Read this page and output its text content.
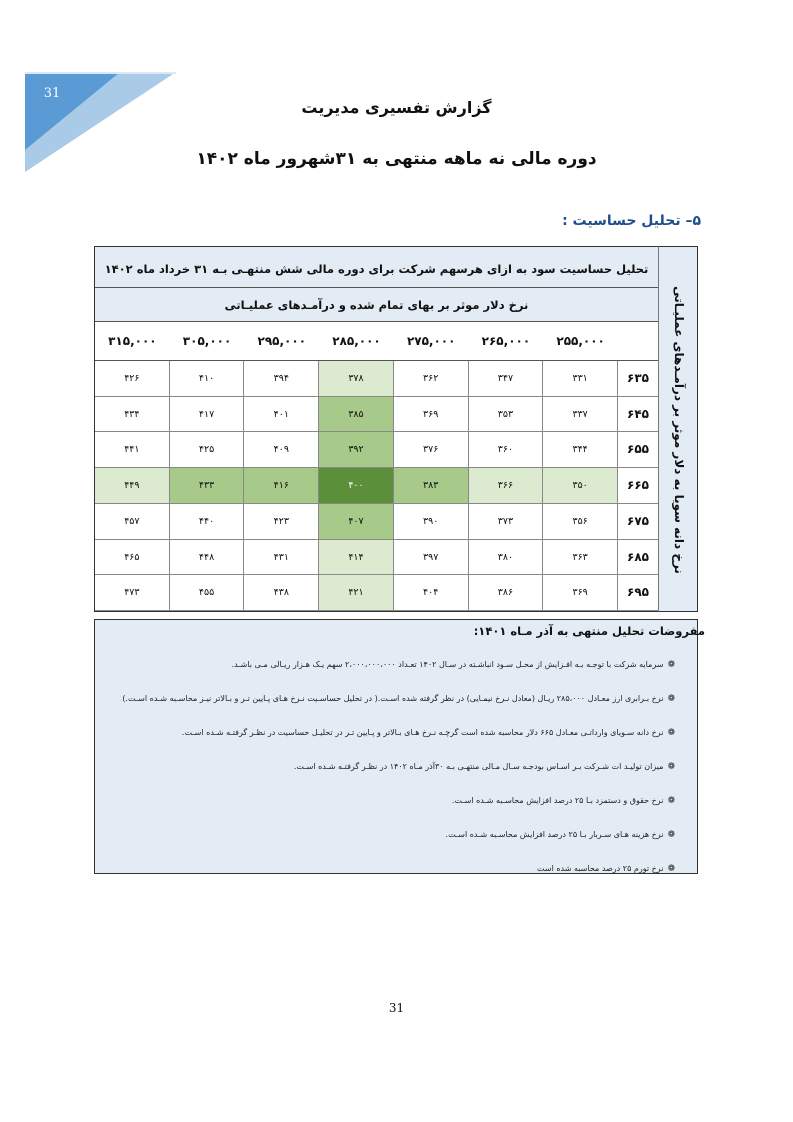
31
گزارش تفسیری مدیریت
دوره مالی نه ماهه منتهی به ۳۱شهرور ماه ۱۴۰۲
۵– تحلیل حساسیت :
نرخ دانه سویا به دلار موثر بر درآمـدهای عملیـاتی
تحلیل حساسیت سود به ازای هرسهم شرکت برای دوره مالی شش منتهـی بـه ۳۱ خرداد ماه ۱۴۰۲
نرخ دلار موثر بر بهای تمام شده و درآمـدهای عملیـاتی
۲۵۵,۰۰۰
۲۶۵,۰۰۰
۲۷۵,۰۰۰
۲۸۵,۰۰۰
۲۹۵,۰۰۰
۳۰۵,۰۰۰
۳۱۵,۰۰۰
۶۳۵
۳۳۱
۳۴۷
۳۶۲
۳۷۸
۳۹۴
۴۱۰
۴۲۶
۶۴۵
۳۳۷
۳۵۳
۳۶۹
۳۸۵
۴۰۱
۴۱۷
۴۳۴
۶۵۵
۳۴۴
۳۶۰
۳۷۶
۳۹۲
۴۰۹
۴۲۵
۴۴۱
۶۶۵
۳۵۰
۳۶۶
۳۸۳
۴۰۰
۴۱۶
۴۳۳
۴۴۹
۶۷۵
۳۵۶
۳۷۳
۳۹۰
۴۰۷
۴۲۳
۴۴۰
۴۵۷
۶۸۵
۳۶۳
۳۸۰
۳۹۷
۴۱۴
۴۳۱
۴۴۸
۴۶۵
۶۹۵
۳۶۹
۳۸۶
۴۰۴
۴۲۱
۴۳۸
۴۵۵
۴۷۳
مفروضات تحلیل منتهی به آذر مـاه ۱۴۰۱:
❁سرمایه شرکت با توجـه بـه افـزایش از محـل سـود انباشـته در سـال ۱۴۰۲ تعـداد ۲،۰۰۰،۰۰۰،۰۰۰ سهم یـک هـزار ریـالی مـی باشـد.
❁نرخ بـرابری ارز معـادل ۲۸۵،۰۰۰ ریـال (معادل نـرخ نیمـایی) در نظر گرفته شده اسـت.( در تحلیل حساسـیت نـرخ هـای پـایین تـر و بـالاتر نیـز محاسـبه شـده اسـت.)
❁نرخ دانه سـویای وارداتـی معـادل ۶۶۵ دلار محاسبه شده است گرچـه نـرخ هـای بـالاتر و پـایین تـر در تحلیـل حساسیت در نظـر گرفتـه شـده اسـت.
❁میزان تولیـد ات شـرکت بـر اسـاس بودجـه سـال مـالی منتهـی بـه ۳۰آذر مـاه ۱۴۰۲ در نظـر گرفتـه شـده اسـت.
❁نرخ حقوق و دستمزد بـا ۲۵ درصد افزایش محاسـبه شـده اسـت.
❁نرخ هزینه هـای سـربار بـا ۲۵ درصد افزایش محاسـبه شـده اسـت.
❁نرخ تورم ۲۵ درصد محاسبه شده است
31
